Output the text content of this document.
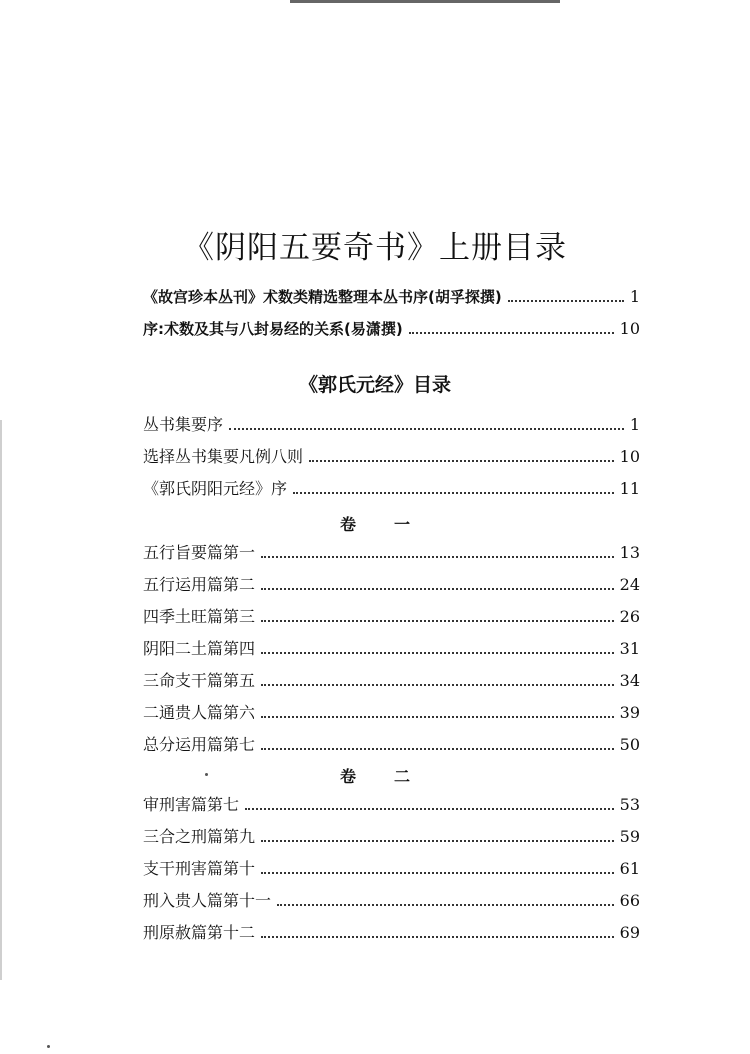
《阴阳五要奇书》上册目录
《故宫珍本丛刊》术数类精选整理本丛书序(胡孚探撰)	1
序:术数及其与八封易经的关系(易潇撰)	10
《郭氏元经》目录
丛书集要序	1
选择丛书集要凡例八则	10
《郭氏阴阳元经》序	11
卷 一
五行旨要篇第一	13
五行运用篇第二	24
四季土旺篇第三	26
阴阳二土篇第四	31
三命支干篇第五	34
二通贵人篇第六	39
总分运用篇第七	50
卷 二
审刑害篇第七	53
三合之刑篇第九	59
支干刑害篇第十	61
刑入贵人篇第十一	66
刑原赦篇第十二	69
